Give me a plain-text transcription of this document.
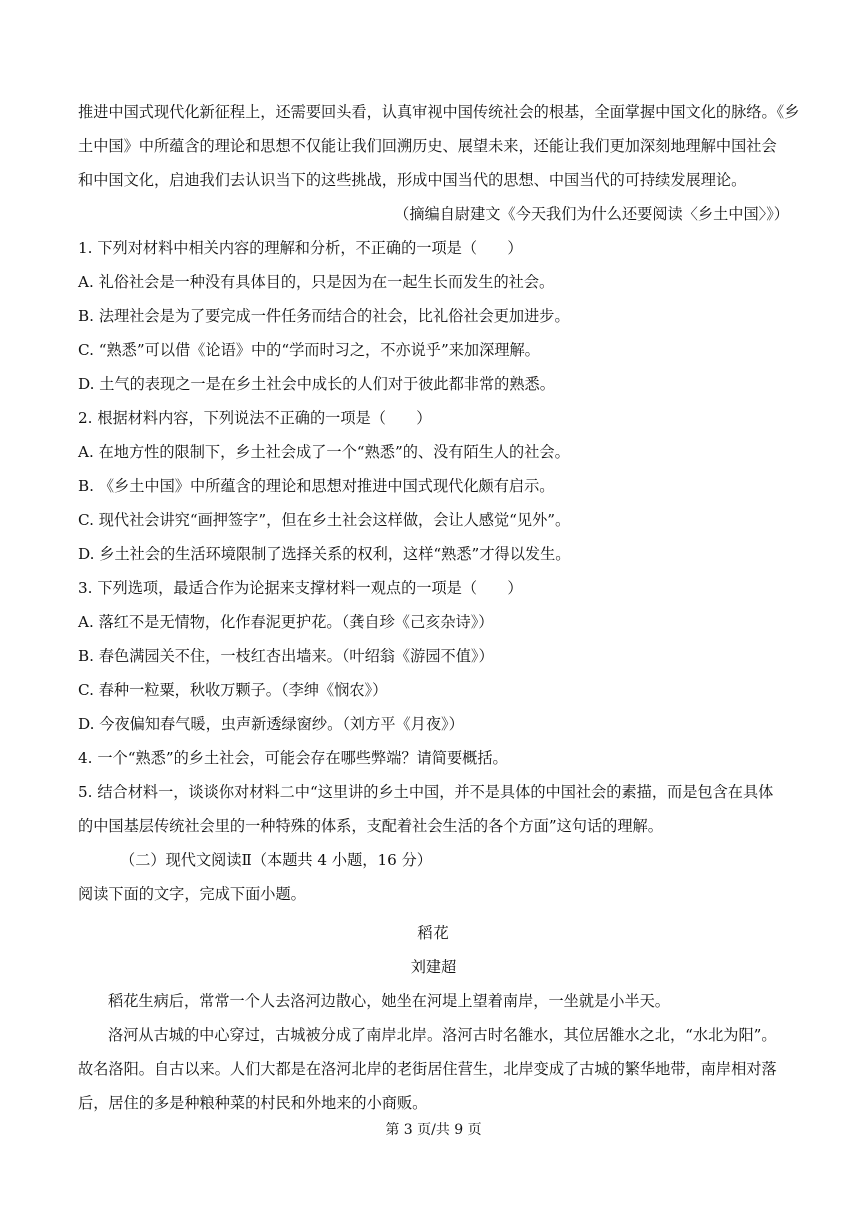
推进中国式现代化新征程上，还需要回头看，认真审视中国传统社会的根基，全面掌握中国文化的脉络。《乡
土中国》中所蕴含的理论和思想不仅能让我们回溯历史、展望未来，还能让我们更加深刻地理解中国社会
和中国文化，启迪我们去认识当下的这些挑战，形成中国当代的思想、中国当代的可持续发展理论。
（摘编自尉建文《今天我们为什么还要阅读〈乡土中国〉》）
1. 下列对材料中相关内容的理解和分析，不正确的一项是（　　）
A. 礼俗社会是一种没有具体目的，只是因为在一起生长而发生的社会。
B. 法理社会是为了要完成一件任务而结合的社会，比礼俗社会更加进步。
C. “熟悉”可以借《论语》中的“学而时习之，不亦说乎”来加深理解。
D. 土气的表现之一是在乡土社会中成长的人们对于彼此都非常的熟悉。
2. 根据材料内容，下列说法不正确的一项是（　　）
A. 在地方性的限制下，乡土社会成了一个“熟悉”的、没有陌生人的社会。
B. 《乡土中国》中所蕴含的理论和思想对推进中国式现代化颇有启示。
C. 现代社会讲究“画押签字”，但在乡土社会这样做，会让人感觉“见外”。
D. 乡土社会的生活环境限制了选择关系的权利，这样“熟悉”才得以发生。
3. 下列选项，最适合作为论据来支撑材料一观点的一项是（　　）
A. 落红不是无情物，化作春泥更护花。（龚自珍《己亥杂诗》）
B. 春色满园关不住，一枝红杏出墙来。（叶绍翁《游园不值》）
C. 春种一粒粟，秋收万颗子。（李绅《悯农》）
D. 今夜偏知春气暖，虫声新透绿窗纱。（刘方平《月夜》）
4. 一个“熟悉”的乡土社会，可能会存在哪些弊端？请简要概括。
5. 结合材料一，谈谈你对材料二中“这里讲的乡土中国，并不是具体的中国社会的素描，而是包含在具体
的中国基层传统社会里的一种特殊的体系，支配着社会生活的各个方面”这句话的理解。
（二）现代文阅读Ⅱ（本题共 4 小题，16 分）
阅读下面的文字，完成下面小题。
稻花
刘建超
稻花生病后，常常一个人去洛河边散心，她坐在河堤上望着南岸，一坐就是小半天。
洛河从古城的中心穿过，古城被分成了南岸北岸。洛河古时名雒水，其位居雒水之北，“水北为阳”。
故名洛阳。自古以来。人们大都是在洛河北岸的老街居住营生，北岸变成了古城的繁华地带，南岸相对落
后，居住的多是种粮种菜的村民和外地来的小商贩。
第 3 页/共 9 页
